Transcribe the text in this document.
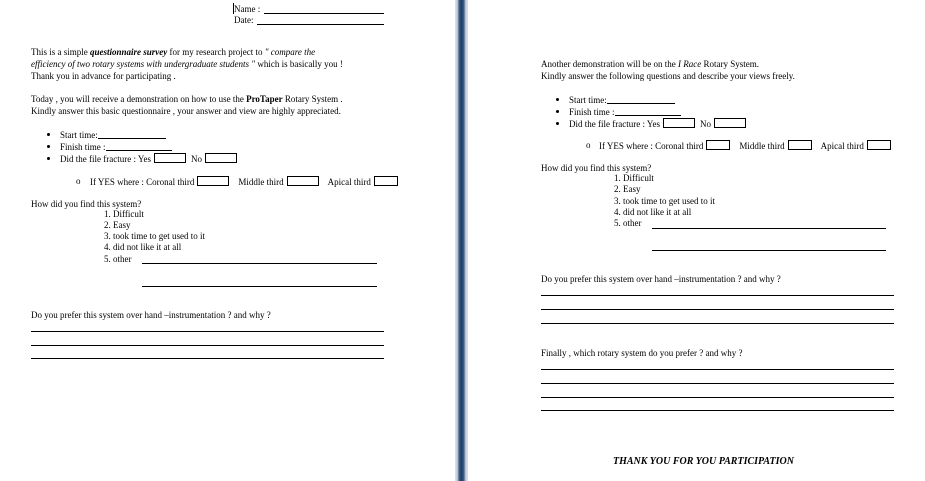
Name :
Date:
This is a simple questionnaire survey for my research project to " compare the
efficiency of two rotary systems with undergraduate students " which is basically you !
Thank you in advance for participating .
Today , you will receive a demonstration on how to use the ProTaper Rotary System .
Kindly answer this basic questionnaire , your answer and view are highly appreciated.
Start time:
Finish time :
Did the file fracture : Yes	No
o If YES where : Coronal third	Middle third	Apical third
How did you find this system?
1. Difficult
2. Easy
3. took time to get used to it
4. did not like it at all
5. other
Do you prefer this system over hand –instrumentation ? and why ?
Another demonstration will be on the I Race Rotary System.
Kindly answer the following questions and describe your views freely.
Start time:
Finish time :
Did the file fracture : Yes	No
o If YES where : Coronal third	Middle third	Apical third
How did you find this system?
1. Difficult
2. Easy
3. took time to get used to it
4. did not like it at all
5. other
Do you prefer this system over hand –instrumentation ? and why ?
Finally , which rotary system do you prefer ? and why ?
THANK YOU FOR YOU PARTICIPATION
